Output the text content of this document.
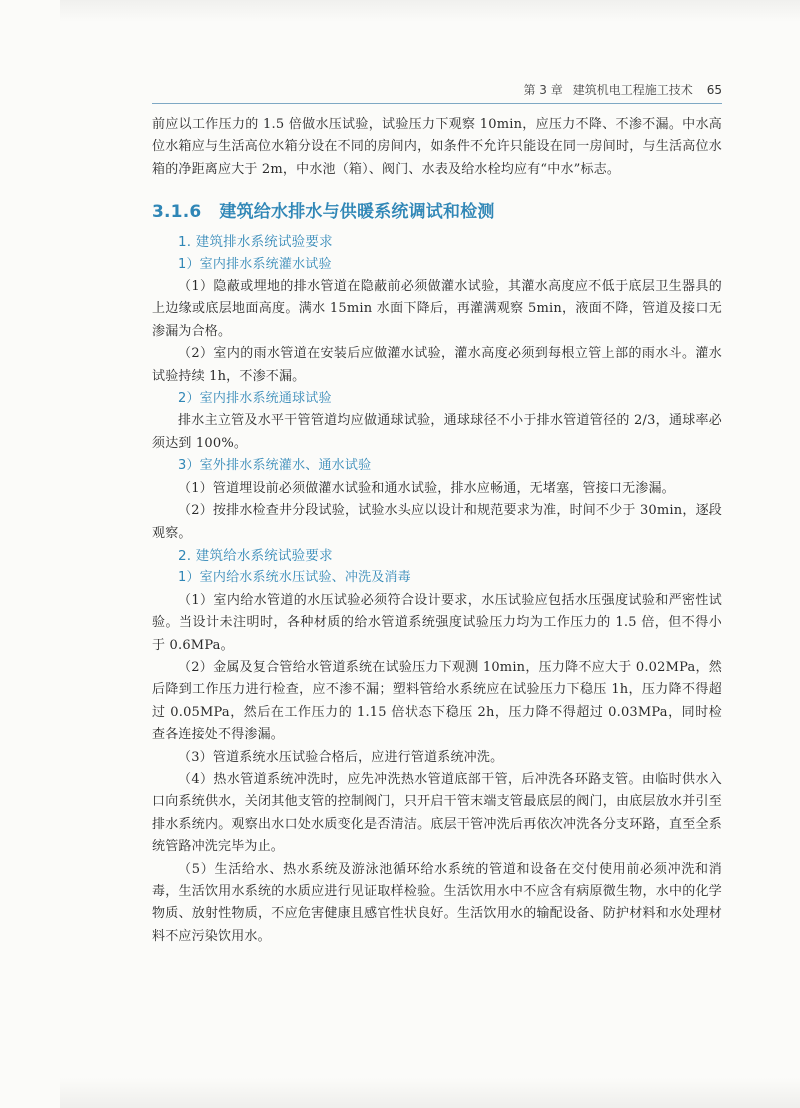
第 3 章 建筑机电工程施工技术 65

前应以工作压力的 1.5 倍做水压试验，试验压力下观察 10min，应压力不降、不渗不漏。中水高位水箱应与生活高位水箱分设在不同的房间内，如条件不允许只能设在同一房间时，与生活高位水箱的净距离应大于 2m，中水池（箱）、阀门、水表及给水栓均应有“中水”标志。

3.1.6 建筑给水排水与供暖系统调试和检测
1. 建筑排水系统试验要求
1）室内排水系统灌水试验

（1）隐蔽或埋地的排水管道在隐蔽前必须做灌水试验，其灌水高度应不低于底层卫生器具的上边缘或底层地面高度。满水 15min 水面下降后，再灌满观察 5min，液面不降，管道及接口无渗漏为合格。

（2）室内的雨水管道在安装后应做灌水试验，灌水高度必须到每根立管上部的雨水斗。灌水试验持续 1h，不渗不漏。

2）室内排水系统通球试验

排水主立管及水平干管管道均应做通球试验，通球球径不小于排水管道管径的 2/3，通球率必须达到 100%。

3）室外排水系统灌水、通水试验

（1）管道埋设前必须做灌水试验和通水试验，排水应畅通，无堵塞，管接口无渗漏。

（2）按排水检查井分段试验，试验水头应以设计和规范要求为准，时间不少于 30min，逐段观察。

2. 建筑给水系统试验要求
1）室内给水系统水压试验、冲洗及消毒

（1）室内给水管道的水压试验必须符合设计要求，水压试验应包括水压强度试验和严密性试验。当设计未注明时，各种材质的给水管道系统强度试验压力均为工作压力的 1.5 倍，但不得小于 0.6MPa。

（2）金属及复合管给水管道系统在试验压力下观测 10min，压力降不应大于 0.02MPa，然后降到工作压力进行检查，应不渗不漏；塑料管给水系统应在试验压力下稳压 1h，压力降不得超过 0.05MPa，然后在工作压力的 1.15 倍状态下稳压 2h，压力降不得超过 0.03MPa，同时检查各连接处不得渗漏。

（3）管道系统水压试验合格后，应进行管道系统冲洗。

（4）热水管道系统冲洗时，应先冲洗热水管道底部干管，后冲洗各环路支管。由临时供水入口向系统供水，关闭其他支管的控制阀门，只开启干管末端支管最底层的阀门，由底层放水并引至排水系统内。观察出水口处水质变化是否清洁。底层干管冲洗后再依次冲洗各分支环路，直至全系统管路冲洗完毕为止。

（5）生活给水、热水系统及游泳池循环给水系统的管道和设备在交付使用前必须冲洗和消毒，生活饮用水系统的水质应进行见证取样检验。生活饮用水中不应含有病原微生物，水中的化学物质、放射性物质，不应危害健康且感官性状良好。生活饮用水的输配设备、防护材料和水处理材料不应污染饮用水。
